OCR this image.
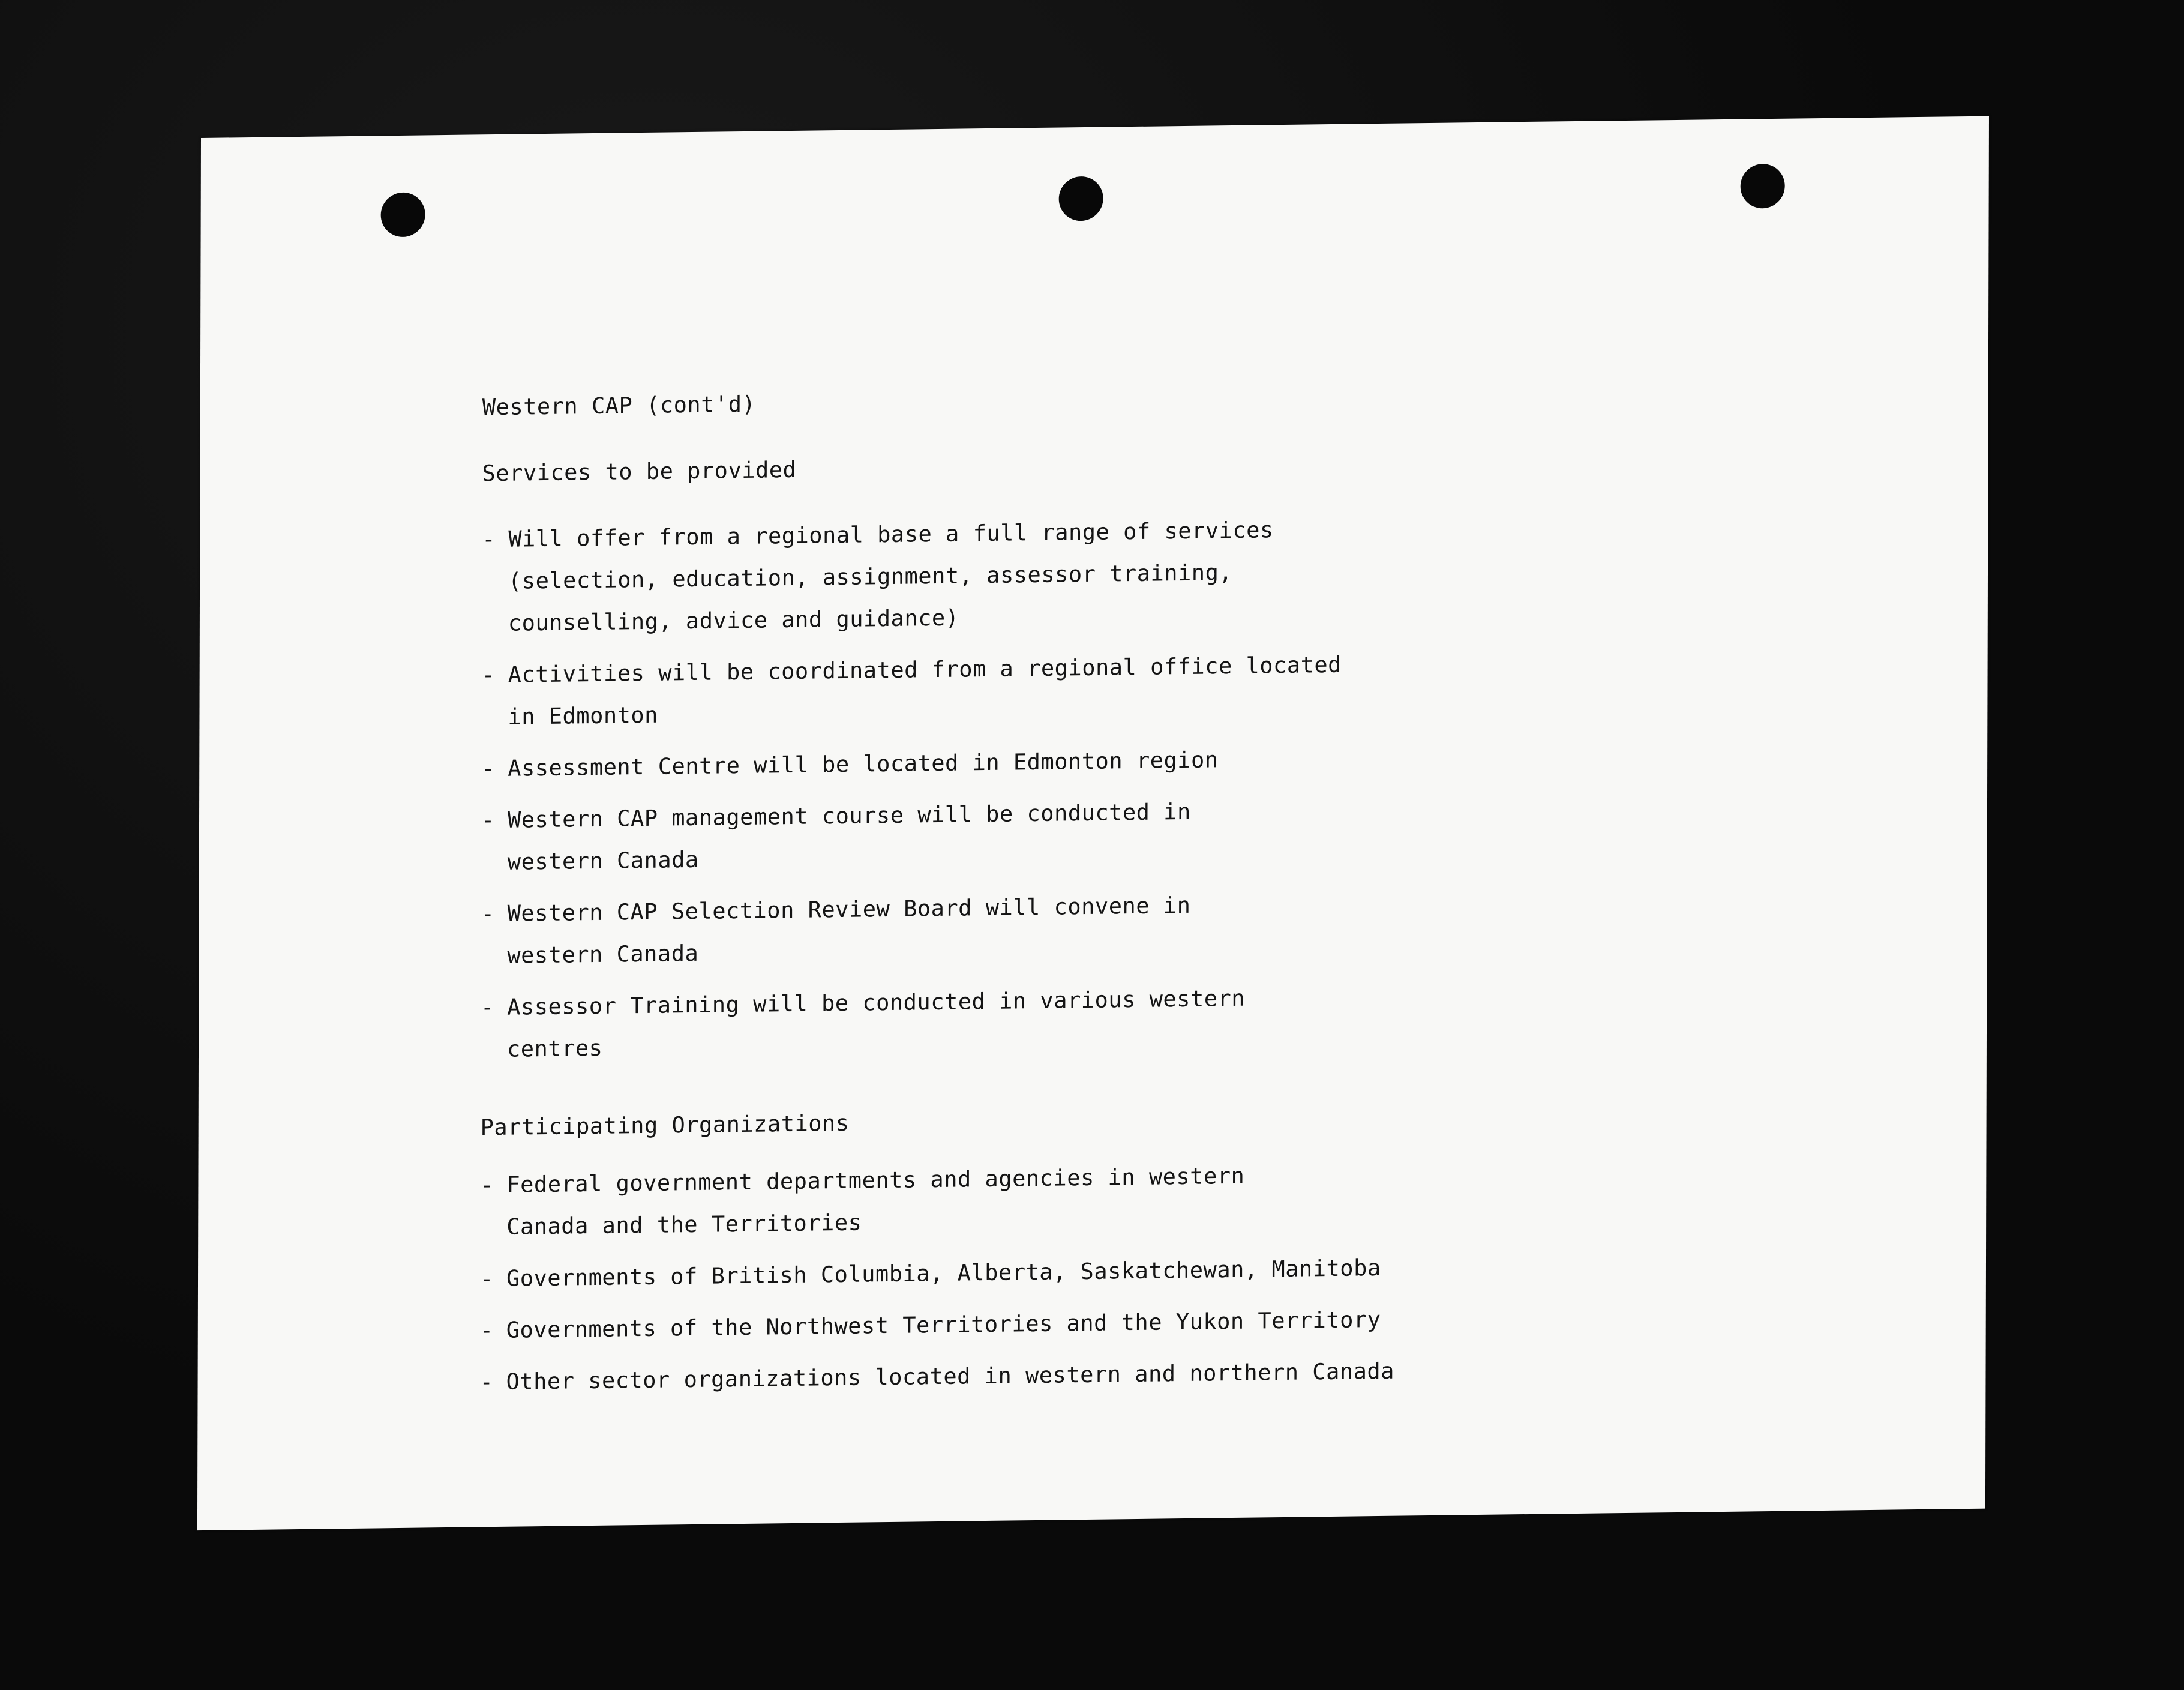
Western CAP (cont'd)

Services to be provided

- Will offer from a regional base a full range of services
(selection, education, assignment, assessor training,
counselling, advice and guidance)
- Activities will be coordinated from a regional office located
in Edmonton
- Assessment Centre will be located in Edmonton region
- Western CAP management course will be conducted in
western Canada
- Western CAP Selection Review Board will convene in
western Canada
- Assessor Training will be conducted in various western
centres

Participating Organizations

- Federal government departments and agencies in western
Canada and the Territories
- Governments of British Columbia, Alberta, Saskatchewan, Manitoba
- Governments of the Northwest Territories and the Yukon Territory
- Other sector organizations located in western and northern Canada
